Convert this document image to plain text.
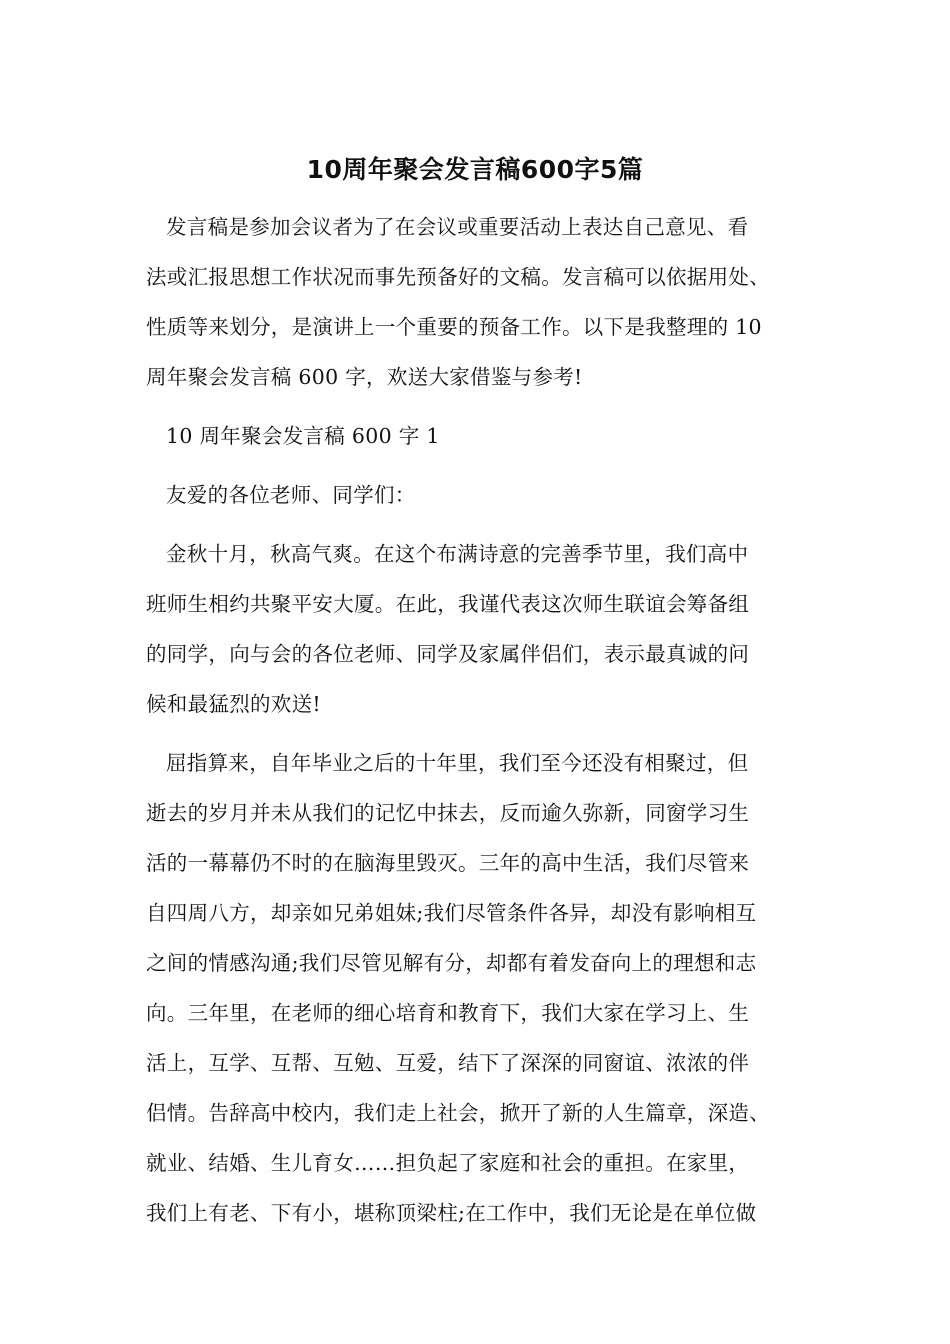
10周年聚会发言稿600字5篇
发言稿是参加会议者为了在会议或重要活动上表达自己意见、看
法或汇报思想工作状况而事先预备好的文稿。发言稿可以依据用处、
性质等来划分，是演讲上一个重要的预备工作。以下是我整理的 10
周年聚会发言稿 600 字，欢送大家借鉴与参考!
10 周年聚会发言稿 600 字 1
友爱的各位老师、同学们：
金秋十月，秋高气爽。在这个布满诗意的完善季节里，我们高中
班师生相约共聚平安大厦。在此，我谨代表这次师生联谊会筹备组
的同学，向与会的各位老师、同学及家属伴侣们，表示最真诚的问
候和最猛烈的欢送!
屈指算来，自年毕业之后的十年里，我们至今还没有相聚过，但
逝去的岁月并未从我们的记忆中抹去，反而逾久弥新，同窗学习生
活的一幕幕仍不时的在脑海里毁灭。三年的高中生活，我们尽管来
自四周八方，却亲如兄弟姐妹;我们尽管条件各异，却没有影响相互
之间的情感沟通;我们尽管见解有分，却都有着发奋向上的理想和志
向。三年里，在老师的细心培育和教育下，我们大家在学习上、生
活上，互学、互帮、互勉、互爱，结下了深深的同窗谊、浓浓的伴
侣情。告辞高中校内，我们走上社会，掀开了新的人生篇章，深造、
就业、结婚、生儿育女……担负起了家庭和社会的重担。在家里，
我们上有老、下有小，堪称顶梁柱;在工作中，我们无论是在单位做
